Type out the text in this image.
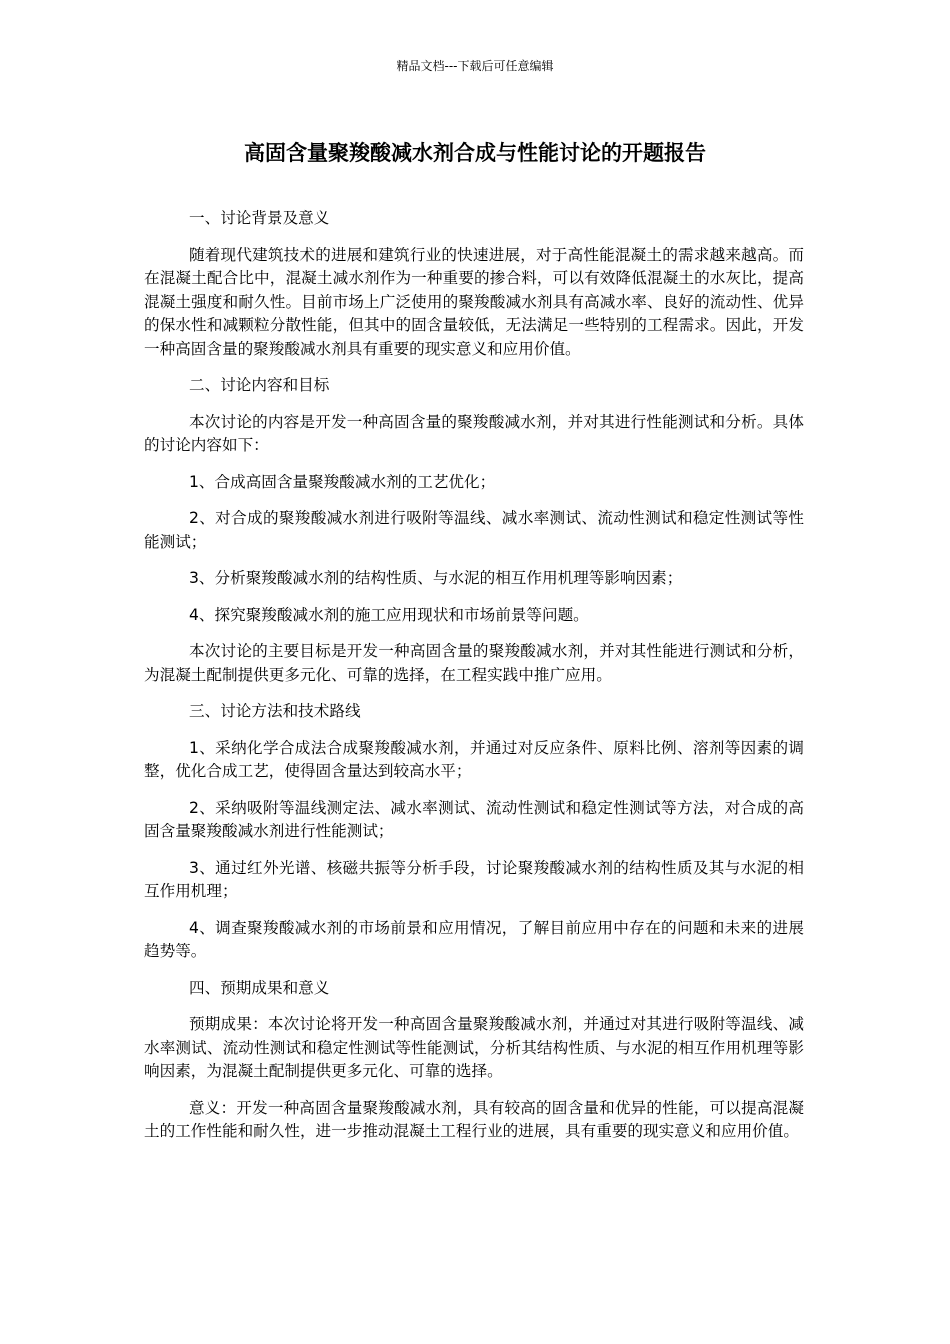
精品文档---下载后可任意编辑
高固含量聚羧酸减水剂合成与性能讨论的开题报告

一、讨论背景及意义

随着现代建筑技术的进展和建筑行业的快速进展，对于高性能混凝土的需求越来越高。而在混凝土配合比中，混凝土减水剂作为一种重要的掺合料，可以有效降低混凝土的水灰比，提高混凝土强度和耐久性。目前市场上广泛使用的聚羧酸减水剂具有高减水率、良好的流动性、优异的保水性和减颗粒分散性能，但其中的固含量较低，无法满足一些特别的工程需求。因此，开发一种高固含量的聚羧酸减水剂具有重要的现实意义和应用价值。

二、讨论内容和目标

本次讨论的内容是开发一种高固含量的聚羧酸减水剂，并对其进行性能测试和分析。具体的讨论内容如下：

1、合成高固含量聚羧酸减水剂的工艺优化；

2、对合成的聚羧酸减水剂进行吸附等温线、减水率测试、流动性测试和稳定性测试等性能测试；

3、分析聚羧酸减水剂的结构性质、与水泥的相互作用机理等影响因素；

4、探究聚羧酸减水剂的施工应用现状和市场前景等问题。

本次讨论的主要目标是开发一种高固含量的聚羧酸减水剂，并对其性能进行测试和分析，为混凝土配制提供更多元化、可靠的选择，在工程实践中推广应用。

三、讨论方法和技术路线

1、采纳化学合成法合成聚羧酸减水剂，并通过对反应条件、原料比例、溶剂等因素的调整，优化合成工艺，使得固含量达到较高水平；

2、采纳吸附等温线测定法、减水率测试、流动性测试和稳定性测试等方法，对合成的高固含量聚羧酸减水剂进行性能测试；

3、通过红外光谱、核磁共振等分析手段，讨论聚羧酸减水剂的结构性质及其与水泥的相互作用机理；

4、调查聚羧酸减水剂的市场前景和应用情况，了解目前应用中存在的问题和未来的进展趋势等。

四、预期成果和意义

预期成果：本次讨论将开发一种高固含量聚羧酸减水剂，并通过对其进行吸附等温线、减水率测试、流动性测试和稳定性测试等性能测试，分析其结构性质、与水泥的相互作用机理等影响因素，为混凝土配制提供更多元化、可靠的选择。

意义：开发一种高固含量聚羧酸减水剂，具有较高的固含量和优异的性能，可以提高混凝土的工作性能和耐久性，进一步推动混凝土工程行业的进展，具有重要的现实意义和应用价值。
